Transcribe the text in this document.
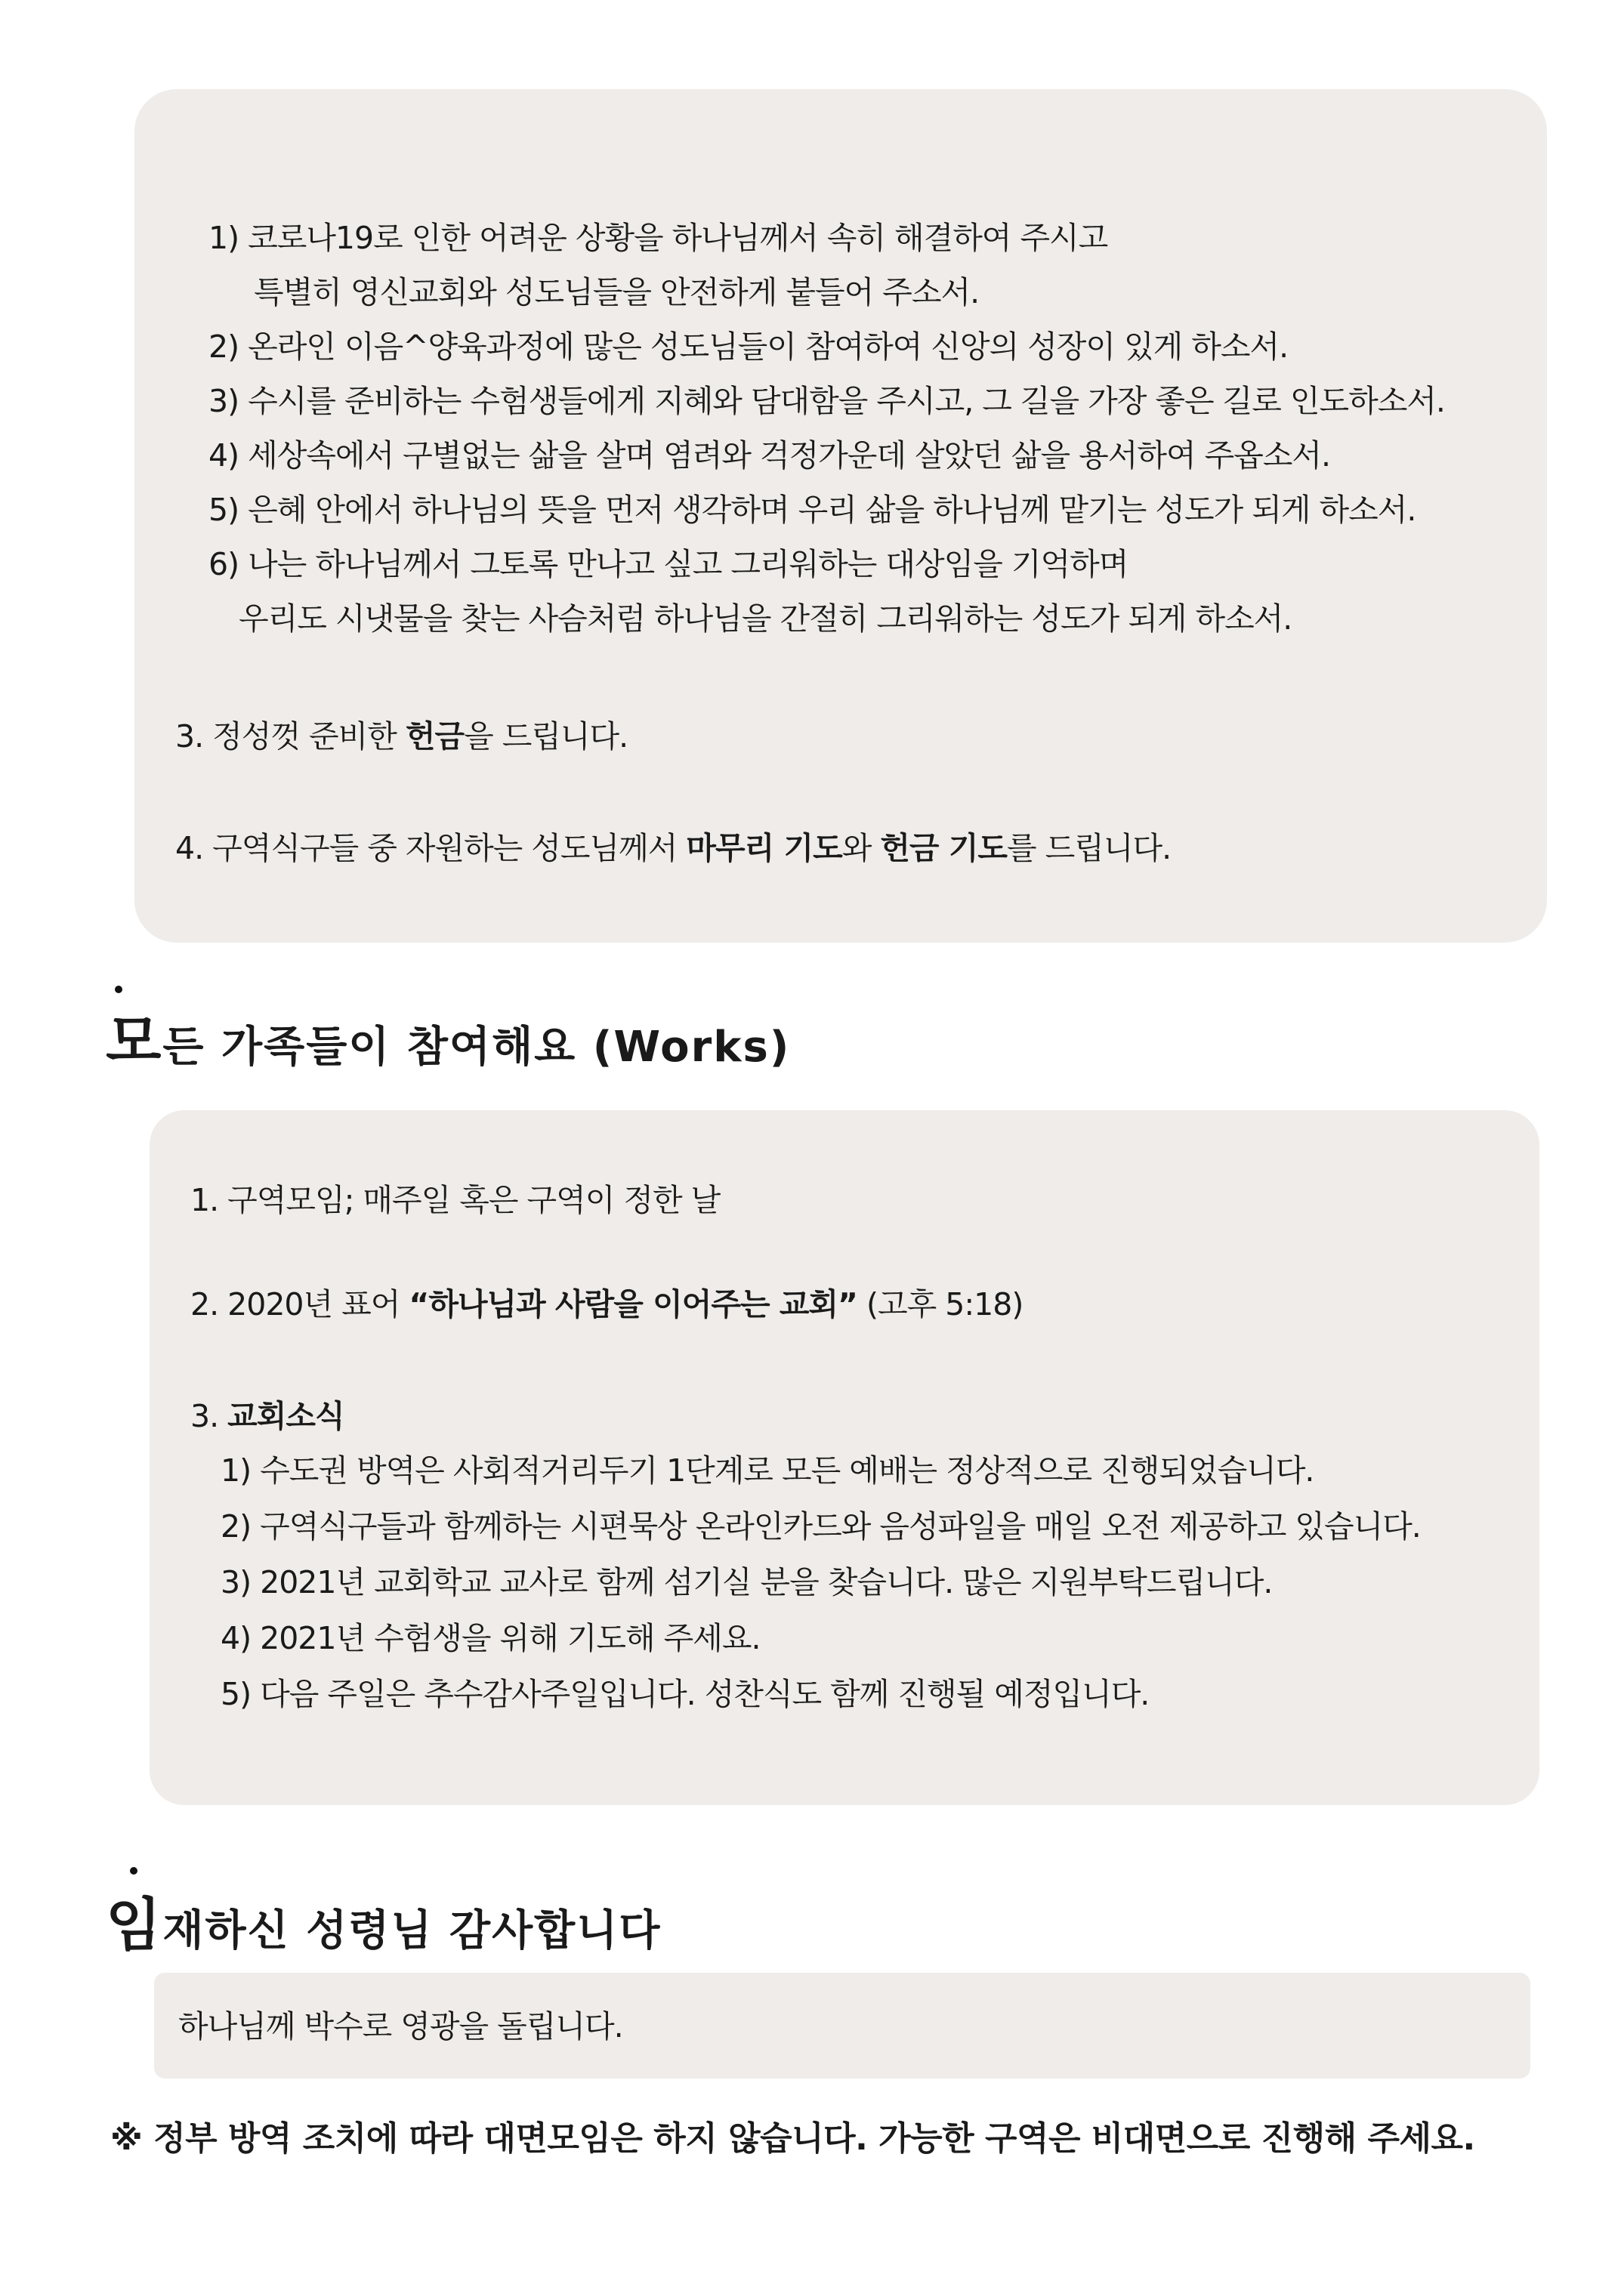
1) 코로나19로 인한 어려운 상황을 하나님께서 속히 해결하여 주시고
특별히 영신교회와 성도님들을 안전하게 붙들어 주소서.
2) 온라인 이음^양육과정에 많은 성도님들이 참여하여 신앙의 성장이 있게 하소서.
3) 수시를 준비하는 수험생들에게 지혜와 담대함을 주시고, 그 길을 가장 좋은 길로 인도하소서.
4) 세상속에서 구별없는 삶을 살며 염려와 걱정가운데 살았던 삶을 용서하여 주옵소서.
5) 은혜 안에서 하나님의 뜻을 먼저 생각하며 우리 삶을 하나님께 맡기는 성도가 되게 하소서.
6) 나는 하나님께서 그토록 만나고 싶고 그리워하는 대상임을 기억하며
우리도 시냇물을 찾는 사슴처럼 하나님을 간절히 그리워하는 성도가 되게 하소서.
3. 정성껏 준비한 헌금을 드립니다.
4. 구역식구들 중 자원하는 성도님께서 마무리 기도와 헌금 기도를 드립니다.
모든 가족들이 참여해요 (Works)
1. 구역모임; 매주일 혹은 구역이 정한 날
2. 2020년 표어 “하나님과 사람을 이어주는 교회” (고후 5:18)
3. 교회소식
1) 수도권 방역은 사회적거리두기 1단계로 모든 예배는 정상적으로 진행되었습니다.
2) 구역식구들과 함께하는 시편묵상 온라인카드와 음성파일을 매일 오전 제공하고 있습니다.
3) 2021년 교회학교 교사로 함께 섬기실 분을 찾습니다. 많은 지원부탁드립니다.
4) 2021년 수험생을 위해 기도해 주세요.
5) 다음 주일은 추수감사주일입니다. 성찬식도 함께 진행될 예정입니다.
임재하신 성령님 감사합니다
하나님께 박수로 영광을 돌립니다.
※ 정부 방역 조치에 따라 대면모임은 하지 않습니다. 가능한 구역은 비대면으로 진행해 주세요.
